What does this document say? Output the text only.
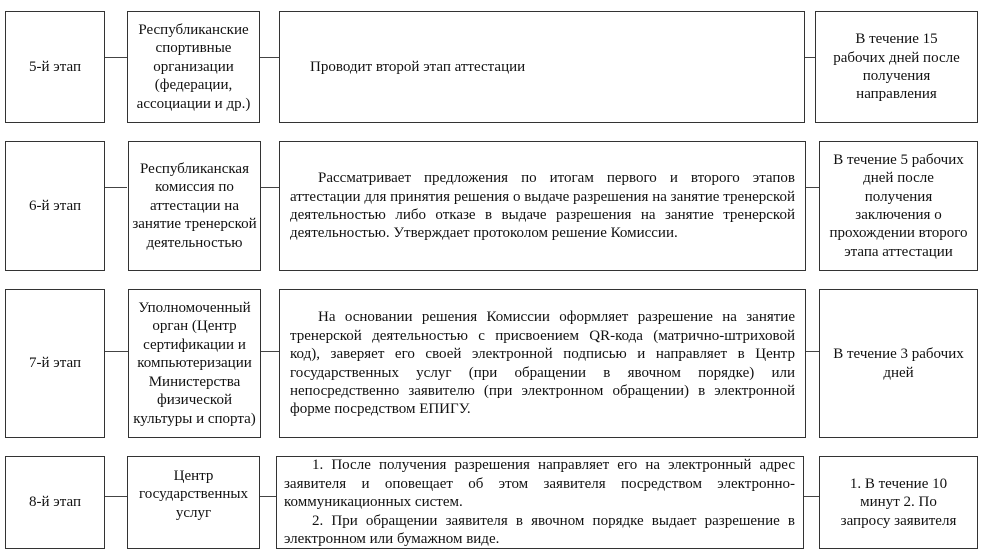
5-й этап
Республиканские спортивные организации (федерации, ассоциации и др.)
Проводит второй этап аттестации
В течение 15 рабочих дней после получения направления
6-й этап
Республиканская комиссия по аттестации на занятие тренерской деятельностью
Рассматривает предложения по итогам первого и второго этапов аттестации для принятия решения о выдаче разрешения на занятие тренерской деятельностью либо отказе в выдаче разрешения на занятие тренерской деятельностью. Утверждает протоколом решение Комиссии.
В течение 5 рабочих дней после получения заключения о прохождении второго этапа аттестации
7-й этап
Уполномоченный орган (Центр сертификации и компьютеризации Министерства физической культуры и спорта)
На основании решения Комиссии оформляет разрешение на занятие тренерской деятельностью с присвоением QR-кода (матрично-штриховой код), заверяет его своей электронной подписью и направляет в Центр государственных услуг (при обращении в явочном порядке) или непосредственно заявителю (при электронном обращении) в электронной форме посредством ЕПИГУ.
В течение 3 рабочих дней
8-й этап
Центр государственных услуг
1. После получения разрешения направляет его на электронный адрес заявителя и оповещает об этом заявителя посредством электронно-коммуникационных систем.
2. При обращении заявителя в явочном порядке выдает разрешение в электронном или бумажном виде.
1. В течение 10 минут 2. По запросу заявителя
